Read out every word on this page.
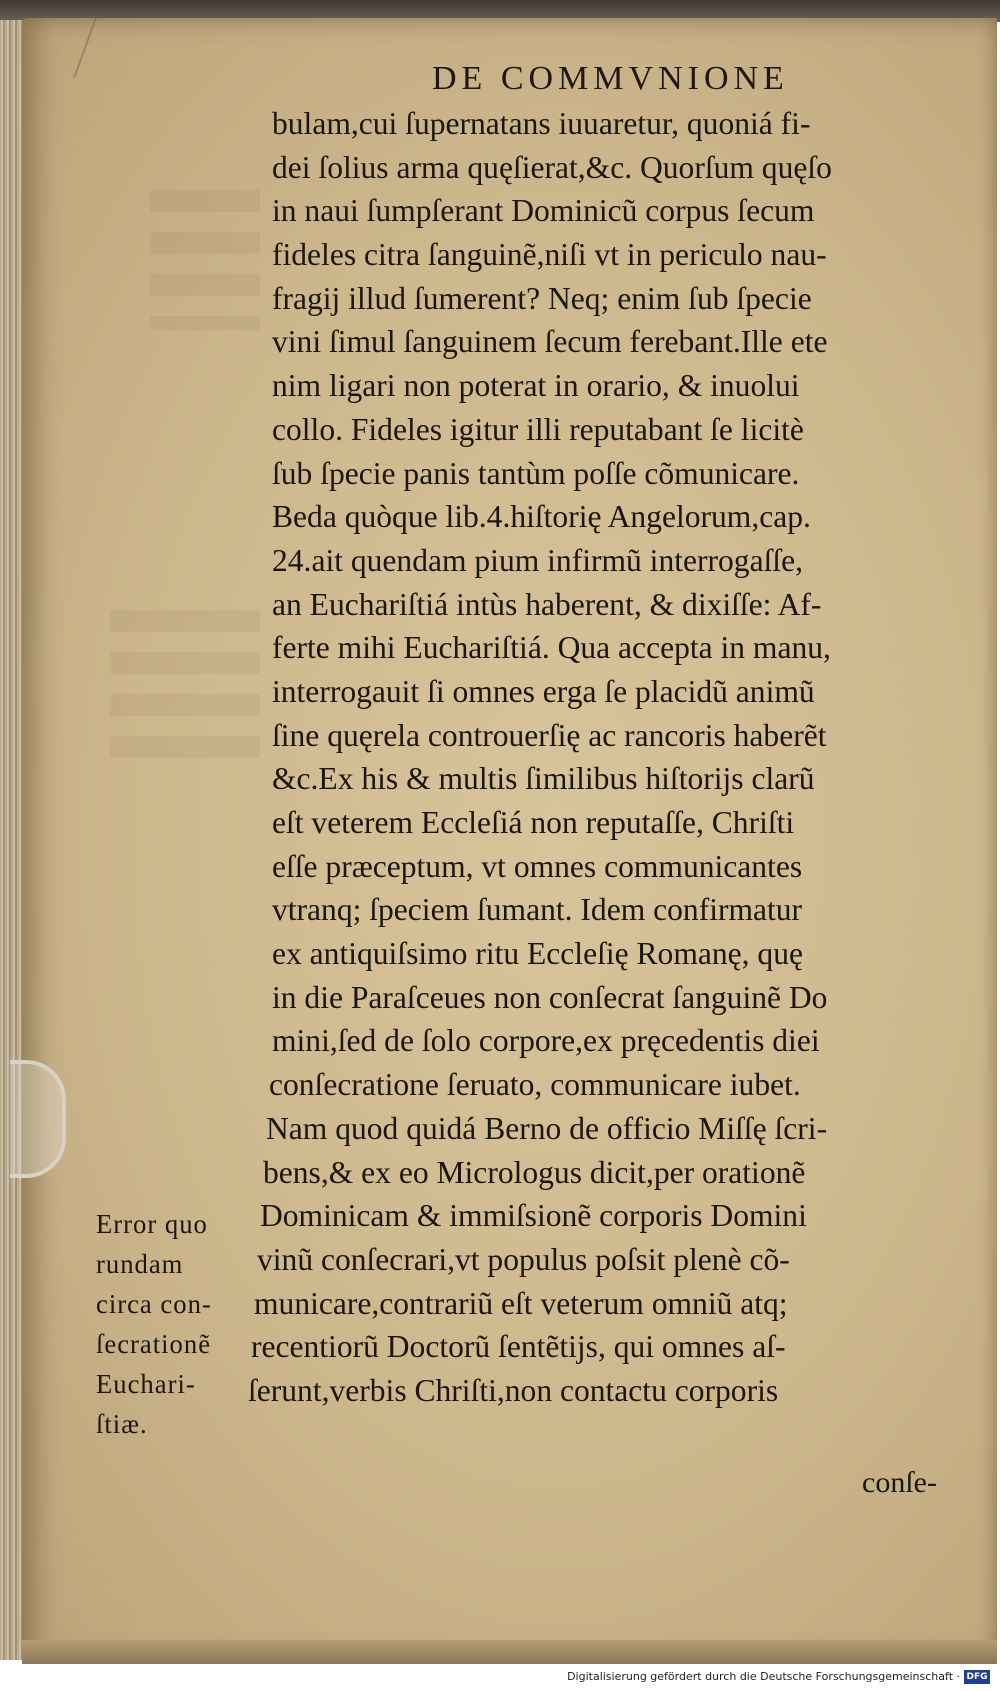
DE COMMVNIONE
bulam,cui ſupernatans iuuaretur, quoniá fi-
dei ſolius arma quęſierat,&c. Quorſum quęſo
in naui ſumpſerant Dominicũ corpus ſecum
fideles citra ſanguinẽ,niſi vt in periculo nau-
fragij illud ſumerent? Neq; enim ſub ſpecie
vini ſimul ſanguinem ſecum ferebant.Ille ete
nim ligari non poterat in orario, & inuolui
collo. Fideles igitur illi reputabant ſe licitè
ſub ſpecie panis tantùm poſſe cõmunicare.
Beda quòque lib.4.hiſtorię Angelorum,cap.
24.ait quendam pium infirmũ interrogaſſe,
an Euchariſtiá intùs haberent, & dixiſſe: Af-
ferte mihi Euchariſtiá. Qua accepta in manu,
interrogauit ſi omnes erga ſe placidũ animũ
ſine quęrela controuerſię ac rancoris haberẽt
&c.Ex his & multis ſimilibus hiſtorijs clarũ
eſt veterem Eccleſiá non reputaſſe, Chriſti
eſſe præceptum, vt omnes communicantes
vtranq; ſpeciem ſumant. Idem confirmatur
ex antiquiſsimo ritu Eccleſię Romanę, quę
in die Paraſceues non conſecrat ſanguinẽ Do
mini,ſed de ſolo corpore,ex pręcedentis diei
conſecratione ſeruato, communicare iubet.
Nam quod quidá Berno de officio Miſſę ſcri-
bens,& ex eo Micrologus dicit,per orationẽ
Dominicam & immiſsionẽ corporis Domini
vinũ conſecrari,vt populus poſsit plenè cõ-
municare,contrariũ eſt veterum omniũ atq;
recentiorũ Doctorũ ſentẽtijs, qui omnes aſ-
ſerunt,verbis Chriſti,non contactu corporis
Error quo
rundam
circa con-
ſecrationẽ
Euchari-
ſtiæ.
conſe-
Digitalisierung gefördert durch die Deutsche Forschungsgemeinschaft · DFG
